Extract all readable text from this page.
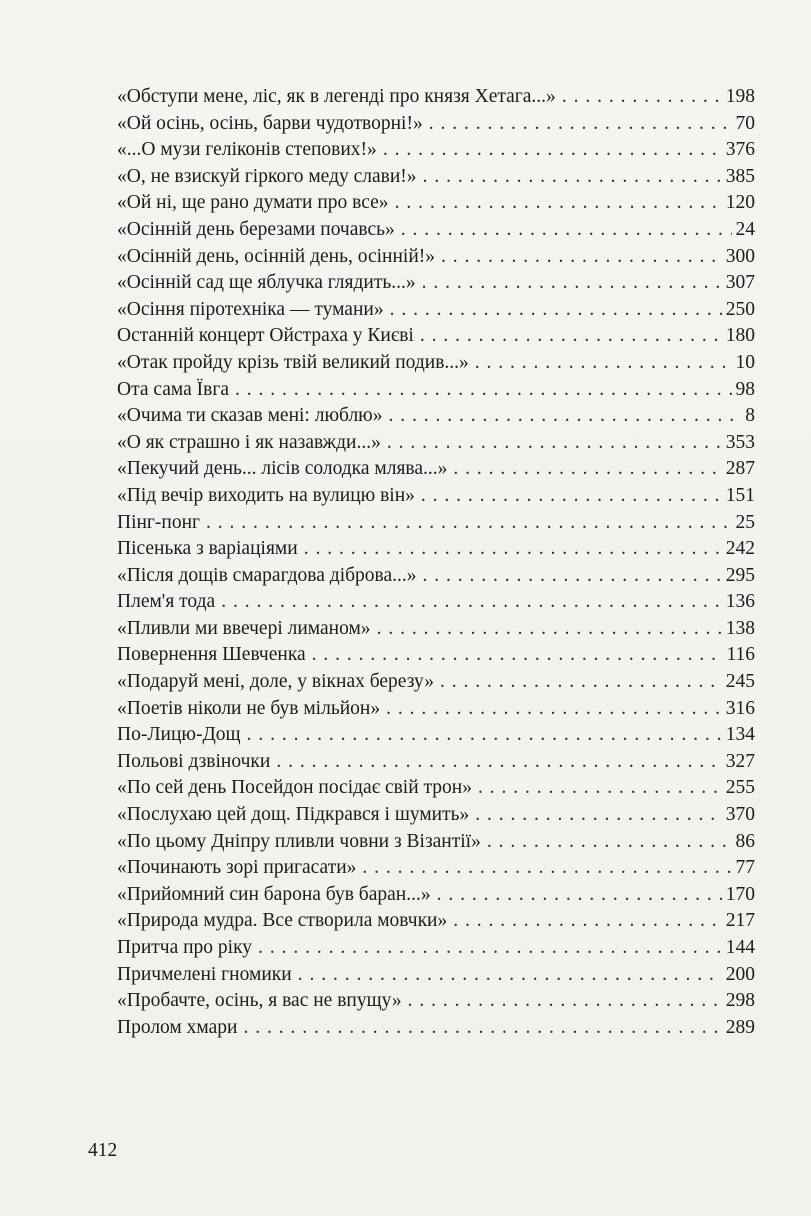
«Обступи мене, ліс, як в легенді про князя Хетага...» . . .	198
«Ой осінь, осінь, барви чудотворні!» . . .	70
«...О музи геліконів степових!» . . .	376
«О, не взискуй гіркого меду слави!» . . .	385
«Ой ні, ще рано думати про все» . . .	120
«Осінній день березами почавсь» . . .	24
«Осінній день, осінній день, осінній!» . . .	300
«Осінній сад ще яблучка глядить...» . . .	307
«Осіння піротехніка — тумани» . . .	250
Останній концерт Ойстраха у Києві . . .	180
«Отак пройду крізь твій великий подив...» . . .	10
Ота сама Ївга . . .	98
«Очима ти сказав мені: люблю» . . .	8
«О як страшно і як назавжди...» . . .	353
«Пекучий день... лісів солодка млява...» . . .	287
«Під вечір виходить на вулицю він» . . .	151
Пінг-понг . . .	25
Пісенька з варіаціями . . .	242
«Після дощів смарагдова діброва...» . . .	295
Плем'я тода . . .	136
«Пливли ми ввечері лиманом» . . .	138
Повернення Шевченка . . .	116
«Подаруй мені, доле, у вікнах березу» . . .	245
«Поетів ніколи не був мільйон» . . .	316
По-Лицю-Дощ . . .	134
Польові дзвіночки . . .	327
«По сей день Посейдон посідає свій трон» . . .	255
«Послухаю цей дощ. Підкрався і шумить» . . .	370
«По цьому Дніпру пливли човни з Візантії» . . .	86
«Починають зорі пригасати» . . .	77
«Прийомний син барона був баран...» . . .	170
«Природа мудра. Все створила мовчки» . . .	217
Притча про ріку . . .	144
Причмелені гномики . . .	200
«Пробачте, осінь, я вас не впущу» . . .	298
Пролом хмари . . .	289
412
